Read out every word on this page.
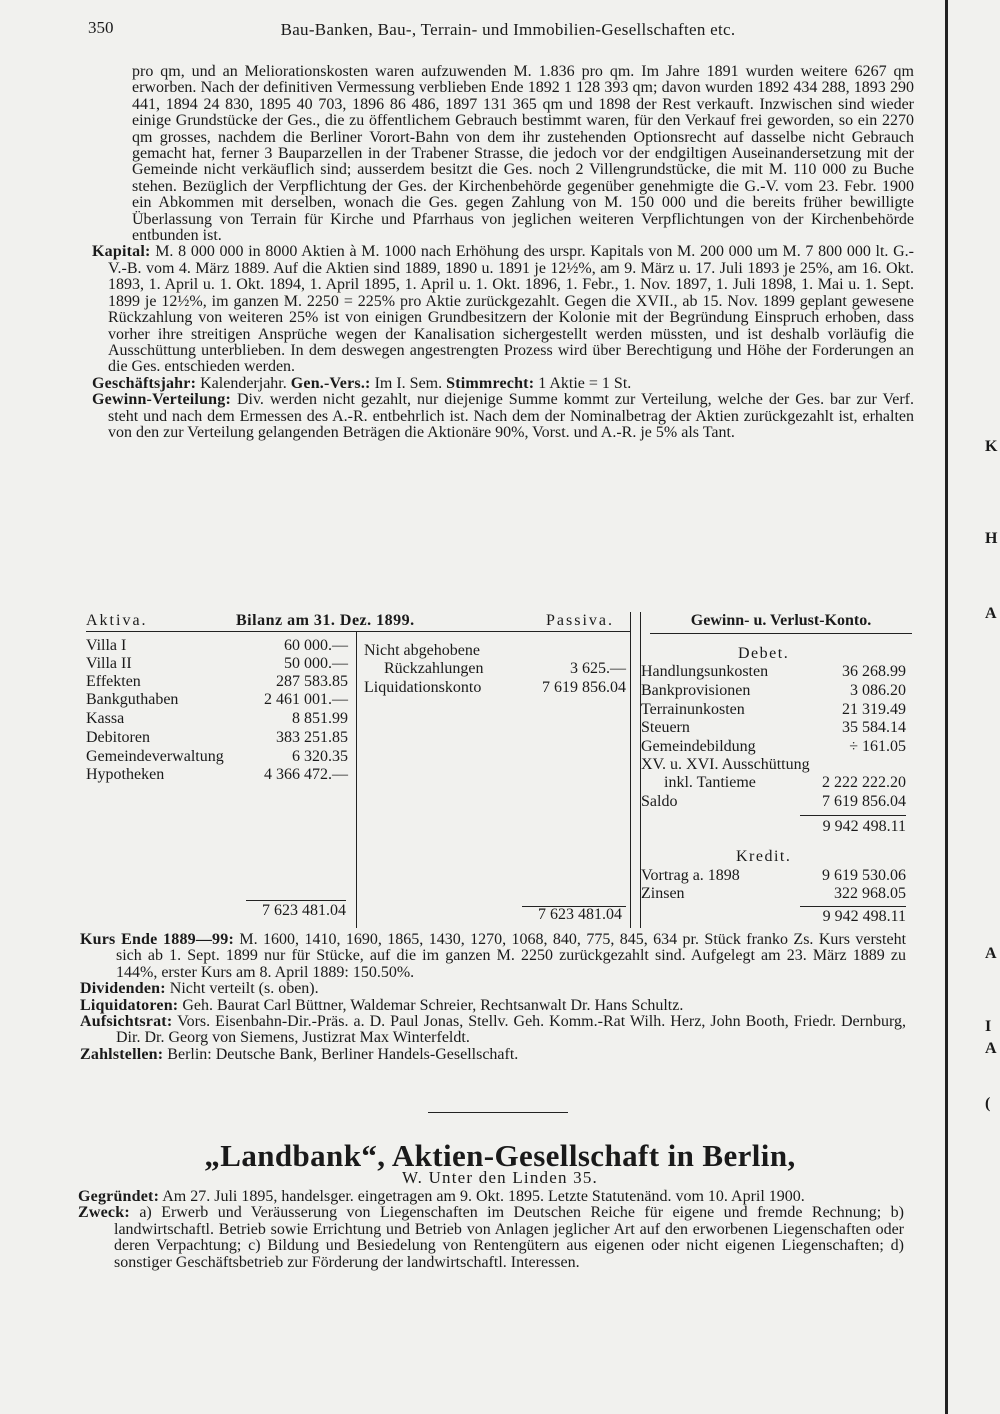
350	Bau-Banken, Bau-, Terrain- und Immobilien-Gesellschaften etc.
K
H
A
A
I
A
(

pro qm, und an Meliorationskosten waren aufzuwenden M. 1.836 pro qm. Im Jahre 1891 wurden weitere 6267 qm erworben. Nach der definitiven Vermessung verblieben Ende 1892 1 128 393 qm; davon wurden 1892 434 288, 1893 290 441, 1894 24 830, 1895 40 703, 1896 86 486, 1897 131 365 qm und 1898 der Rest verkauft. Inzwischen sind wieder einige Grundstücke der Ges., die zu öffentlichem Gebrauch bestimmt waren, für den Verkauf frei geworden, so ein 2270 qm grosses, nachdem die Berliner Vorort-Bahn von dem ihr zustehenden Optionsrecht auf dasselbe nicht Gebrauch gemacht hat, ferner 3 Bauparzellen in der Trabener Strasse, die jedoch vor der endgiltigen Auseinandersetzung mit der Gemeinde nicht verkäuflich sind; ausserdem besitzt die Ges. noch 2 Villengrundstücke, die mit M. 110 000 zu Buche stehen. Bezüglich der Verpflichtung der Ges. der Kirchenbehörde gegenüber genehmigte die G.-V. vom 23. Febr. 1900 ein Abkommen mit derselben, wonach die Ges. gegen Zahlung von M. 150 000 und die bereits früher bewilligte Überlassung von Terrain für Kirche und Pfarrhaus von jeglichen weiteren Verpflichtungen von der Kirchenbehörde entbunden ist.

Kapital: M. 8 000 000 in 8000 Aktien à M. 1000 nach Erhöhung des urspr. Kapitals von M. 200 000 um M. 7 800 000 lt. G.-V.-B. vom 4. März 1889. Auf die Aktien sind 1889, 1890 u. 1891 je 12½%, am 9. März u. 17. Juli 1893 je 25%, am 16. Okt. 1893, 1. April u. 1. Okt. 1894, 1. April 1895, 1. April u. 1. Okt. 1896, 1. Febr., 1. Nov. 1897, 1. Juli 1898, 1. Mai u. 1. Sept. 1899 je 12½%, im ganzen M. 2250 = 225% pro Aktie zurückgezahlt. Gegen die XVII., ab 15. Nov. 1899 geplant gewesene Rückzahlung von weiteren 25% ist von einigen Grundbesitzern der Kolonie mit der Begründung Einspruch erhoben, dass vorher ihre streitigen Ansprüche wegen der Kanalisation sichergestellt werden müssten, und ist deshalb vorläufig die Ausschüttung unterblieben. In dem deswegen angestrengten Prozess wird über Berechtigung und Höhe der Forderungen an die Ges. entschieden werden.

Geschäftsjahr: Kalenderjahr. Gen.-Vers.: Im I. Sem. Stimmrecht: 1 Aktie = 1 St.

Gewinn-Verteilung: Div. werden nicht gezahlt, nur diejenige Summe kommt zur Verteilung, welche der Ges. bar zur Verf. steht und nach dem Ermessen des A.-R. entbehrlich ist. Nach dem der Nominalbetrag der Aktien zurückgezahlt ist, erhalten von den zur Verteilung gelangenden Beträgen die Aktionäre 90%, Vorst. und A.-R. je 5% als Tant.

Aktiva.	Bilanz am 31. Dez. 1899.	Passiva.	Gewinn- u. Verlust-Konto.
Villa I	60 000.—
Villa II	50 000.—
Effekten	287 583.85
Bankguthaben	2 461 001.—
Kassa	8 851.99
Debitoren	383 251.85
Gemeindeverwaltung	6 320.35
Hypotheken	4 366 472.—
7 623 481.04
Nicht abgehobene
Rückzahlungen	3 625.—
Liquidationskonto	7 619 856.04
7 623 481.04
Debet.
Handlungsunkosten	36 268.99
Bankprovisionen	3 086.20
Terrainunkosten	21 319.49
Steuern	35 584.14
Gemeindebildung	÷ 161.05
XV. u. XVI. Ausschüttung
inkl. Tantieme	2 222 222.20
Saldo	7 619 856.04
9 942 498.11
Kredit.
Vortrag a. 1898	9 619 530.06
Zinsen	322 968.05
9 942 498.11

Kurs Ende 1889—99: M. 1600, 1410, 1690, 1865, 1430, 1270, 1068, 840, 775, 845, 634 pr. Stück franko Zs. Kurs versteht sich ab 1. Sept. 1899 nur für Stücke, auf die im ganzen M. 2250 zurückgezahlt sind. Aufgelegt am 23. März 1889 zu 144%, erster Kurs am 8. April 1889: 150.50%.

Dividenden: Nicht verteilt (s. oben).

Liquidatoren: Geh. Baurat Carl Büttner, Waldemar Schreier, Rechtsanwalt Dr. Hans Schultz.

Aufsichtsrat: Vors. Eisenbahn-Dir.-Präs. a. D. Paul Jonas, Stellv. Geh. Komm.-Rat Wilh. Herz, John Booth, Friedr. Dernburg, Dir. Dr. Georg von Siemens, Justizrat Max Winterfeldt.

Zahlstellen: Berlin: Deutsche Bank, Berliner Handels-Gesellschaft.

„Landbank“, Aktien-Gesellschaft in Berlin,
W. Unter den Linden 35.

Gegründet: Am 27. Juli 1895, handelsger. eingetragen am 9. Okt. 1895. Letzte Statutenänd. vom 10. April 1900.

Zweck: a) Erwerb und Veräusserung von Liegenschaften im Deutschen Reiche für eigene und fremde Rechnung; b) landwirtschaftl. Betrieb sowie Errichtung und Betrieb von Anlagen jeglicher Art auf den erworbenen Liegenschaften oder deren Verpachtung; c) Bildung und Besiedelung von Rentengütern aus eigenen oder nicht eigenen Liegenschaften; d) sonstiger Geschäftsbetrieb zur Förderung der landwirtschaftl. Interessen.
